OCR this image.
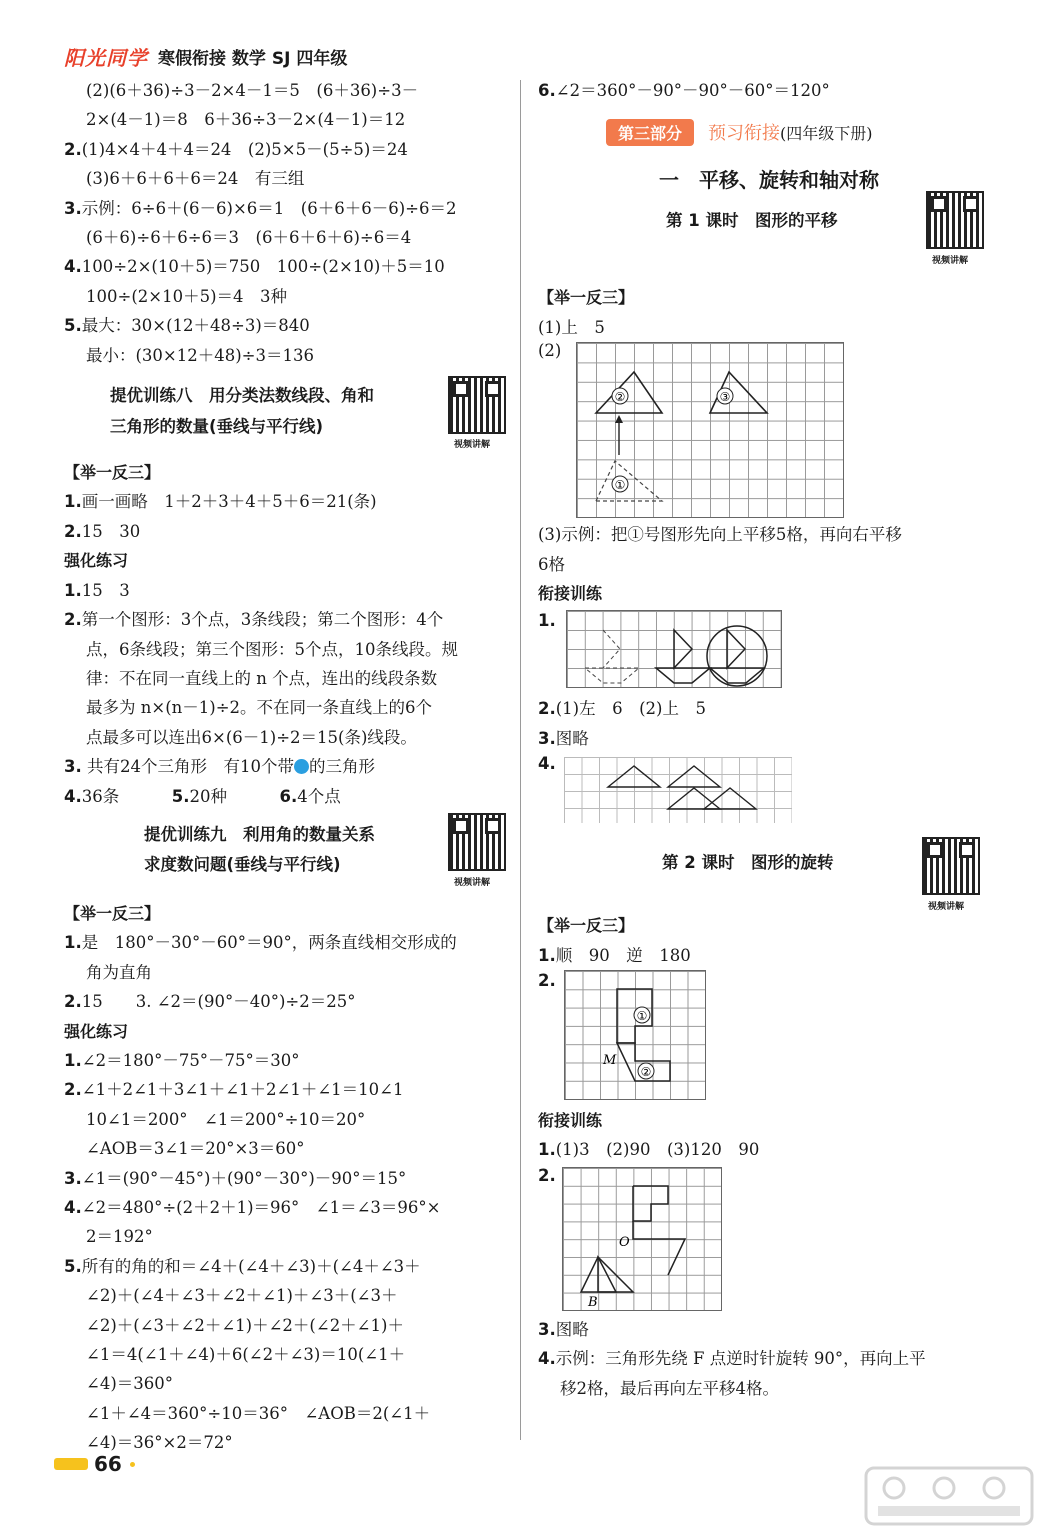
阳光同学 寒假衔接 数学 SJ 四年级
(2)(6＋36)÷3－2×4－1＝5　(6＋36)÷3－
2×(4－1)＝8　6＋36÷3－2×(4－1)＝12
2.(1)4×4＋4＋4＝24　(2)5×5－(5÷5)＝24
(3)6＋6＋6＋6＝24　有三组
3.示例：6÷6＋(6－6)×6＝1　(6＋6＋6－6)÷6＝2
(6＋6)÷6＋6÷6＝3　(6＋6＋6＋6)÷6＝4
4.100÷2×(10＋5)＝750　100÷(2×10)＋5＝10
100÷(2×10＋5)＝4　3种
5.最大：30×(12＋48÷3)＝840
最小：(30×12＋48)÷3＝136
提优训练八　用分类法数线段、角和
三角形的数量(垂线与平行线)
视频讲解
【举一反三】
1.画一画略　1＋2＋3＋4＋5＋6＝21(条)
2.15　30
强化练习
1.15　3
2.第一个图形：3个点，3条线段；第二个图形：4个
点，6条线段；第三个图形：5个点，10条线段。规
律：不在同一直线上的 n 个点，连出的线段条数
最多为 n×(n－1)÷2。不在同一条直线上的6个
点最多可以连出6×(6－1)÷2＝15(条)线段。
3. 共有24个三角形　有10个带 的三角形
4.36条	5.20种	6.4个点
提优训练九　利用角的数量关系
求度数问题(垂线与平行线)
视频讲解
【举一反三】
1.是　180°－30°－60°＝90°，两条直线相交形成的
角为直角
2.15　　3. ∠2＝(90°－40°)÷2＝25°
强化练习
1.∠2＝180°－75°－75°＝30°
2.∠1＋2∠1＋3∠1＋∠1＋2∠1＋∠1＝10∠1
10∠1＝200°　∠1＝200°÷10＝20°
∠AOB＝3∠1＝20°×3＝60°
3.∠1＝(90°－45°)＋(90°－30°)－90°＝15°
4.∠2＝480°÷(2＋2＋1)＝96°　∠1＝∠3＝96°×
2＝192°
5.所有的角的和＝∠4＋(∠4＋∠3)＋(∠4＋∠3＋
∠2)＋(∠4＋∠3＋∠2＋∠1)＋∠3＋(∠3＋
∠2)＋(∠3＋∠2＋∠1)＋∠2＋(∠2＋∠1)＋
∠1＝4(∠1＋∠4)＋6(∠2＋∠3)＝10(∠1＋
∠4)＝360°
∠1＋∠4＝360°÷10＝36°　∠AOB＝2(∠1＋
∠4)＝36°×2＝72°
6.∠2＝360°－90°－90°－60°＝120°
第三部分	预习衔接 (四年级下册)
一　平移、旋转和轴对称
第 1 课时　图形的平移
视频讲解
【举一反三】
(1)上　5
(2)
②	③
①
(3)示例：把①号图形先向上平移5格，再向右平移
6格
衔接训练
1.
2.(1)左　6　(2)上　5
3.图略
4.
第 2 课时　图形的旋转
视频讲解
【举一反三】
1.顺　90　逆　180
2.
①
②
M
衔接训练
1.(1)3　(2)90　(3)120　90
2.
O
B
3.图略
4.示例：三角形先绕 F 点逆时针旋转 90°，再向上平
移2格，最后再向左平移4格。
66
